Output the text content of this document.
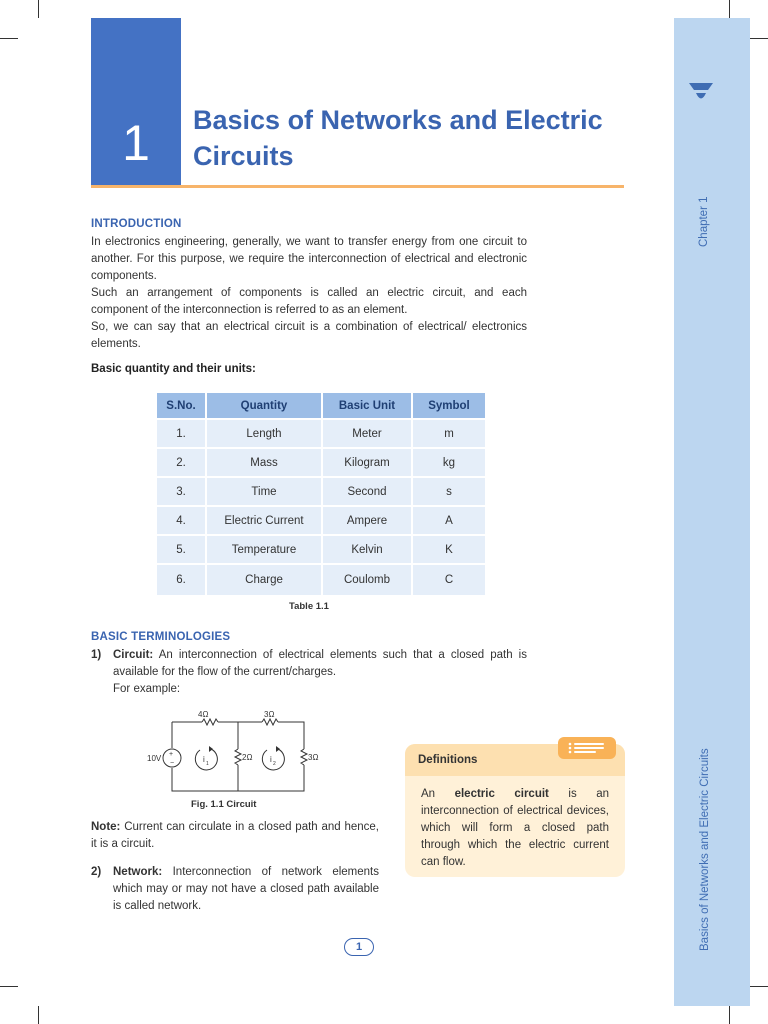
Chapter 1
Basics of Networks and Electric Circuits
1	Basics of Networks and Electric Circuits
INTRODUCTION

In electronics engineering, generally, we want to transfer energy from one circuit to another. For this purpose, we require the interconnection of electrical and electronic components.

Such an arrangement of components is called an electric circuit, and each component of the interconnection is referred to as an element.

So, we can say that an electrical circuit is a combination of electrical/ electronics elements.

Basic quantity and their units:
S.No.	Quantity	Basic Unit	Symbol
1.	Length	Meter	m
2.	Mass	Kilogram	kg
3.	Time	Second	s
4.	Electric Current	Ampere	A
5.	Temperature	Kelvin	K
6.	Charge	Coulomb	C
Table 1.1
BASIC TERMINOLOGIES
1) Circuit: An interconnection of electrical elements such that a closed path is available for the flow of the current/charges.
For example:
+
−
10V
4Ω	3Ω
2Ω	3Ω
i 1	i 2
Fig. 1.1 Circuit
Note: Current can circulate in a closed path and hence, it is a circuit.
2) Network: Interconnection of network elements which may or may not have a closed path available is called network.
Definitions
An electric circuit is an interconnection of electrical devices, which will form a closed path through which the electric current can flow.
1
